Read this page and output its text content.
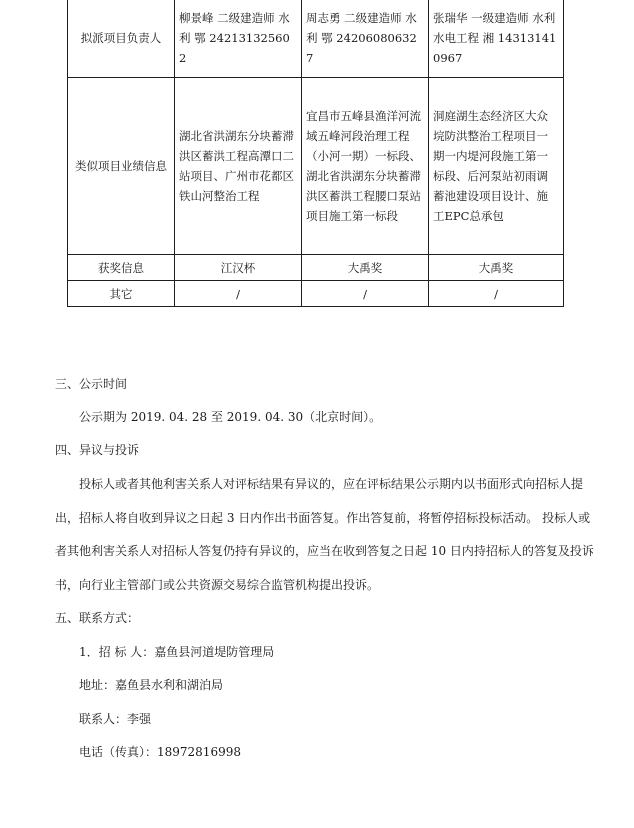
拟派项目负责人	柳景峰 二级建造师 水利 鄂 242131325602	周志勇 二级建造师 水利 鄂 242060806327	张瑞华 一级建造师 水利水电工程 湘 143131410967
类似项目业绩信息	湖北省洪湖东分块蓄滞洪区蓄洪工程高潭口二站项目、广州市花都区铁山河整治工程	宜昌市五峰县渔洋河流域五峰河段治理工程（小河一期）一标段、湖北省洪湖东分块蓄滞洪区蓄洪工程腰口泵站项目施工第一标段	洞庭湖生态经济区大众垸防洪整治工程项目一期一内堤河段施工第一标段、后河泵站初雨调蓄池建设项目设计、施工EPC总承包
获奖信息	江汉杯	大禹奖	大禹奖
其它	/	/	/
三、公示时间
公示期为 2019. 04. 28 至 2019. 04. 30（北京时间）。
四、异议与投诉
投标人或者其他利害关系人对评标结果有异议的，应在评标结果公示期内以书面形式向招标人提
出，招标人将自收到异议之日起 3 日内作出书面答复。作出答复前，将暂停招标投标活动。 投标人或
者其他利害关系人对招标人答复仍持有异议的，应当在收到答复之日起 10 日内持招标人的答复及投诉
书，向行业主管部门或公共资源交易综合监管机构提出投诉。
五、联系方式：
1．招 标 人：嘉鱼县河道堤防管理局
地址：嘉鱼县水利和湖泊局
联系人：李强
电话（传真）：18972816998
